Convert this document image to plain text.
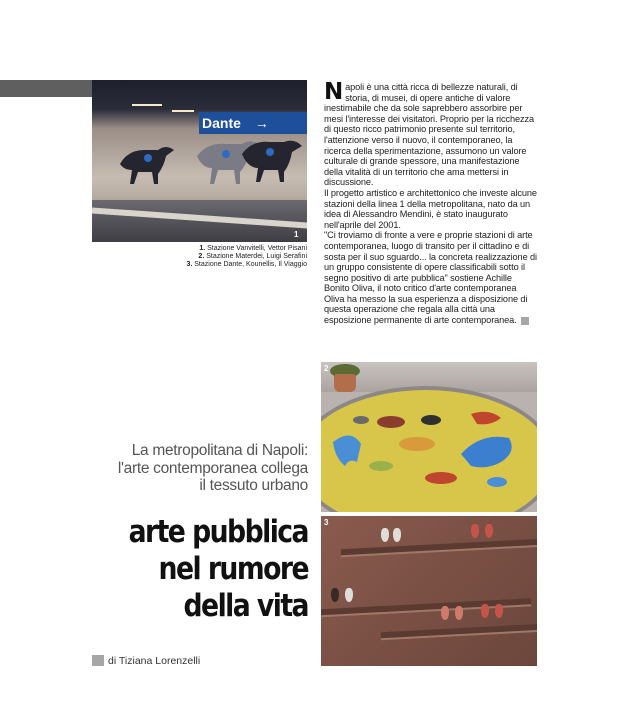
Dante →
1
1. Stazione Vanvitelli, Vettor Pisani
2. Stazione Materdei, Luigi Serafini
3. Stazione Dante, Kounellis, Il Viaggio
Napoli è una città ricca di bellezze naturali, di storia, di musei, di opere antiche di valore inestimabile che da sole saprebbero assorbire per mesi l'interesse dei visitatori. Proprio per la ricchezza di questo ricco patrimonio presente sul territorio, l'attenzione verso il nuovo, il contemporaneo, la ricerca della sperimentazione, assumono un valore culturale di grande spessore, una manifestazione della vitalità di un territorio che ama mettersi in discussione.
Il progetto artistico e architettonico che investe alcune stazioni della linea 1 della metropolitana, nato da un idea di Alessandro Mendini, è stato inaugurato nell'aprile del 2001.
"Ci troviamo di fronte a vere e proprie stazioni di arte contemporanea, luogo di transito per il cittadino e di sosta per il suo sguardo... la concreta realizzazione di un gruppo consistente di opere classificabili sotto il segno positivo di arte pubblica" sostiene Achille Bonito Oliva, il noto critico d'arte contemporanea Oliva ha messo la sua esperienza a disposizione di questa operazione che regala alla città una esposizione permanente di arte contemporanea.
2
3
La metropolitana di Napoli:
l'arte contemporanea collega
il tessuto urbano
arte pubblica
nel rumore
della vita
di Tiziana Lorenzelli
